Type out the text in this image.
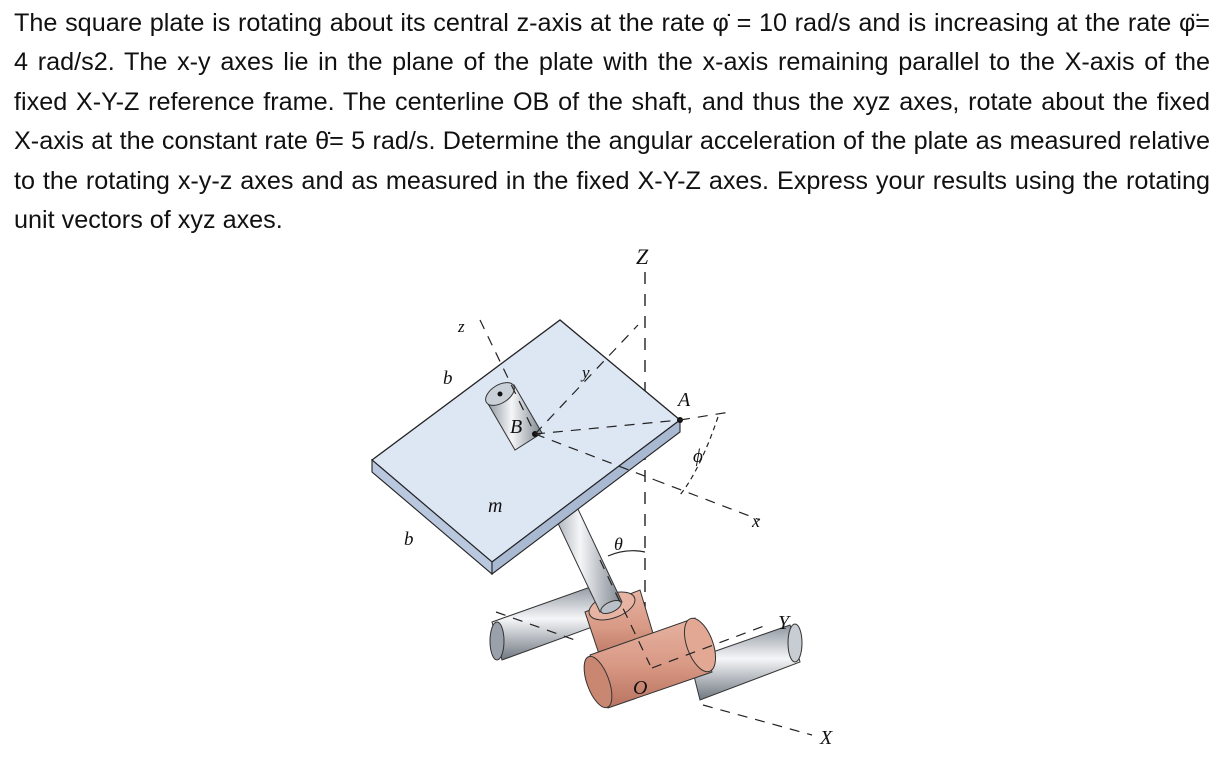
The square plate is rotating about its central z-axis at the rate φ̇ = 10 rad/s and is increasing at the rate φ̈= 4 rad/s2. The x-y axes lie in the plane of the plate with the x-axis remaining parallel to the X-axis of the fixed X-Y-Z reference frame. The centerline OB of the shaft, and thus the xyz axes, rotate about the fixed X-axis at the constant rate θ̇= 5 rad/s. Determine the angular acceleration of the plate as measured relative to the rotating x-y-z axes and as measured in the fixed X-Y-Z axes. Express your results using the rotating unit vectors of xyz axes.

Z
z
y
b
b
B
A
ϕ
m
x
θ
Y
O
X
